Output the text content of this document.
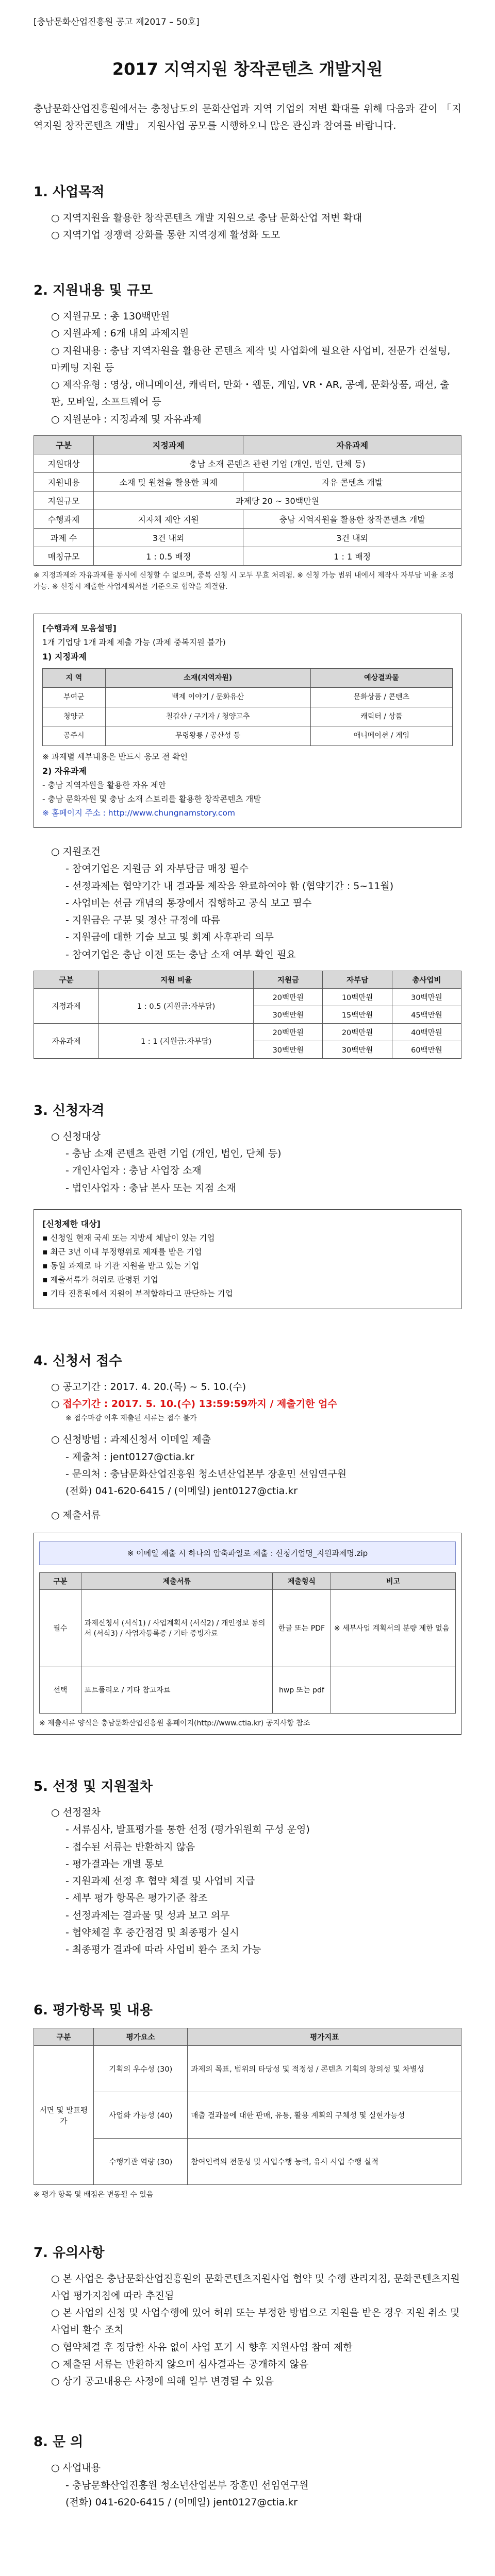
[충남문화산업진흥원 공고 제2017 – 50호]
2017 지역지원 창작콘텐츠 개발지원
충남문화산업진흥원에서는 충청남도의 문화산업과 지역 기업의 저변 확대를 위해 다음과 같이 「지역지원 창작콘텐츠 개발」 지원사업 공모를 시행하오니 많은 관심과 참여를 바랍니다.
1. 사업목적
○ 지역지원을 활용한 창작콘텐츠 개발 지원으로 충남 문화산업 저변 확대
○ 지역기업 경쟁력 강화를 통한 지역경제 활성화 도모
2. 지원내용 및 규모
○ 지원규모 : 총 130백만원
○ 지원과제 : 6개 내외 과제지원
○ 지원내용 : 충남 지역자원을 활용한 콘텐츠 제작 및 사업화에 필요한 사업비, 전문가 컨설팅, 마케팅 지원 등
○ 제작유형 : 영상, 애니메이션, 캐릭터, 만화・웹툰, 게임, VR・AR, 공예, 문화상품, 패션, 출판, 모바일, 소프트웨어 등
○ 지원분야 : 지정과제 및 자유과제
구분	지정과제	자유과제
지원대상	충남 소재 콘텐츠 관련 기업 (개인, 법인, 단체 등)	
지원내용	소재 및 원천을 활용한 과제	자유 콘텐츠 개발
지원규모	과제당 20 ~ 30백만원	
수행과제	지자체 제안 지원	충남 지역자원을 활용한 창작콘텐츠 개발
과제 수	3건 내외	3건 내외
매칭규모	1 : 0.5 배정	1 : 1 배정
※ 지정과제와 자유과제를 동시에 신청할 수 없으며, 중복 신청 시 모두 무효 처리됨. ※ 신청 가능 범위 내에서 제작사 자부담 비율 조정 가능. ※ 선정시 제출한 사업계획서를 기준으로 협약을 체결함.
[수행과제 모음설명]
1개 기업당 1개 과제 제출 가능 (과제 중복지원 불가)
1) 지정과제
지 역	소재(지역자원)	예상결과물
부여군	백제 이야기 / 문화유산	문화상품 / 콘텐츠
청양군	칠갑산 / 구기자 / 청양고추	캐릭터 / 상품
공주시	무령왕릉 / 공산성 등	애니메이션 / 게임
※ 과제별 세부내용은 반드시 응모 전 확인
2) 자유과제
- 충남 지역자원을 활용한 자유 제안
- 충남 문화자원 및 충남 소재 스토리를 활용한 창작콘텐츠 개발
※ 홈페이지 주소 : http://www.chungnamstory.com
○ 지원조건
- 참여기업은 지원금 외 자부담금 매칭 필수
- 선정과제는 협약기간 내 결과물 제작을 완료하여야 함 (협약기간 : 5~11월)
- 사업비는 선금 개념의 통장에서 집행하고 공식 보고 필수
- 지원금은 구분 및 정산 규정에 따름
- 지원금에 대한 기술 보고 및 회계 사후관리 의무
- 참여기업은 충남 이전 또는 충남 소재 여부 확인 필요
구분	지원 비율	지원금	자부담	총사업비
지정과제	1 : 0.5 (지원금:자부담)	20백만원	10백만원	30백만원
		30백만원	15백만원	45백만원
자유과제	1 : 1 (지원금:자부담)	20백만원	20백만원	40백만원
		30백만원	30백만원	60백만원
3. 신청자격
○ 신청대상
- 충남 소재 콘텐츠 관련 기업 (개인, 법인, 단체 등)
- 개인사업자 : 충남 사업장 소재
- 법인사업자 : 충남 본사 또는 지점 소재
[신청제한 대상]
▪ 신청일 현재 국세 또는 지방세 체납이 있는 기업
▪ 최근 3년 이내 부정행위로 제재를 받은 기업
▪ 동일 과제로 타 기관 지원을 받고 있는 기업
▪ 제출서류가 허위로 판명된 기업
▪ 기타 진흥원에서 지원이 부적합하다고 판단하는 기업
4. 신청서 접수
○ 공고기간 : 2017. 4. 20.(목) ~ 5. 10.(수)
○ 접수기간 : 2017. 5. 10.(수) 13:59:59까지 / 제출기한 엄수
※ 접수마감 이후 제출된 서류는 접수 불가
○ 신청방법 : 과제신청서 이메일 제출
- 제출처 : jent0127@ctia.kr
- 문의처 : 충남문화산업진흥원 청소년산업본부 장훈민 선임연구원
(전화) 041-620-6415 / (이메일) jent0127@ctia.kr
○ 제출서류
※ 이메일 제출 시 하나의 압축파일로 제출 : 신청기업명_지원과제명.zip
구분	제출서류	제출형식	비고
필수	과제신청서 (서식1) / 사업계획서 (서식2) / 개인정보 동의서 (서식3) / 사업자등록증 / 기타 증빙자료	한글 또는 PDF	※ 세부사업 계획서의 분량 제한 없음
선택	포트폴리오 / 기타 참고자료	hwp 또는 pdf	
※ 제출서류 양식은 충남문화산업진흥원 홈페이지(http://www.ctia.kr) 공지사항 참조
5. 선정 및 지원절차
○ 선정절차
- 서류심사, 발표평가를 통한 선정 (평가위원회 구성 운영)
- 접수된 서류는 반환하지 않음
- 평가결과는 개별 통보
- 지원과제 선정 후 협약 체결 및 사업비 지급
- 세부 평가 항목은 평가기준 참조
- 선정과제는 결과물 및 성과 보고 의무
- 협약체결 후 중간점검 및 최종평가 실시
- 최종평가 결과에 따라 사업비 환수 조치 가능
6. 평가항목 및 내용
구분	평가요소	평가지표
서면 및 발표평가	기획의 우수성 (30)	과제의 목표, 범위의 타당성 및 적정성 / 콘텐츠 기획의 창의성 및 차별성
	사업화 가능성 (40)	매출 결과물에 대한 판매, 유통, 활용 계획의 구체성 및 실현가능성
	수행기관 역량 (30)	참여인력의 전문성 및 사업수행 능력, 유사 사업 수행 실적
※ 평가 항목 및 배점은 변동될 수 있음
7. 유의사항
○ 본 사업은 충남문화산업진흥원의 문화콘텐츠지원사업 협약 및 수행 관리지침, 문화콘텐츠지원사업 평가지침에 따라 추진됨
○ 본 사업의 신청 및 사업수행에 있어 허위 또는 부정한 방법으로 지원을 받은 경우 지원 취소 및 사업비 환수 조치
○ 협약체결 후 정당한 사유 없이 사업 포기 시 향후 지원사업 참여 제한
○ 제출된 서류는 반환하지 않으며 심사결과는 공개하지 않음
○ 상기 공고내용은 사정에 의해 일부 변경될 수 있음
8. 문 의
○ 사업내용
- 충남문화산업진흥원 청소년산업본부 장훈민 선임연구원
(전화) 041-620-6415 / (이메일) jent0127@ctia.kr
